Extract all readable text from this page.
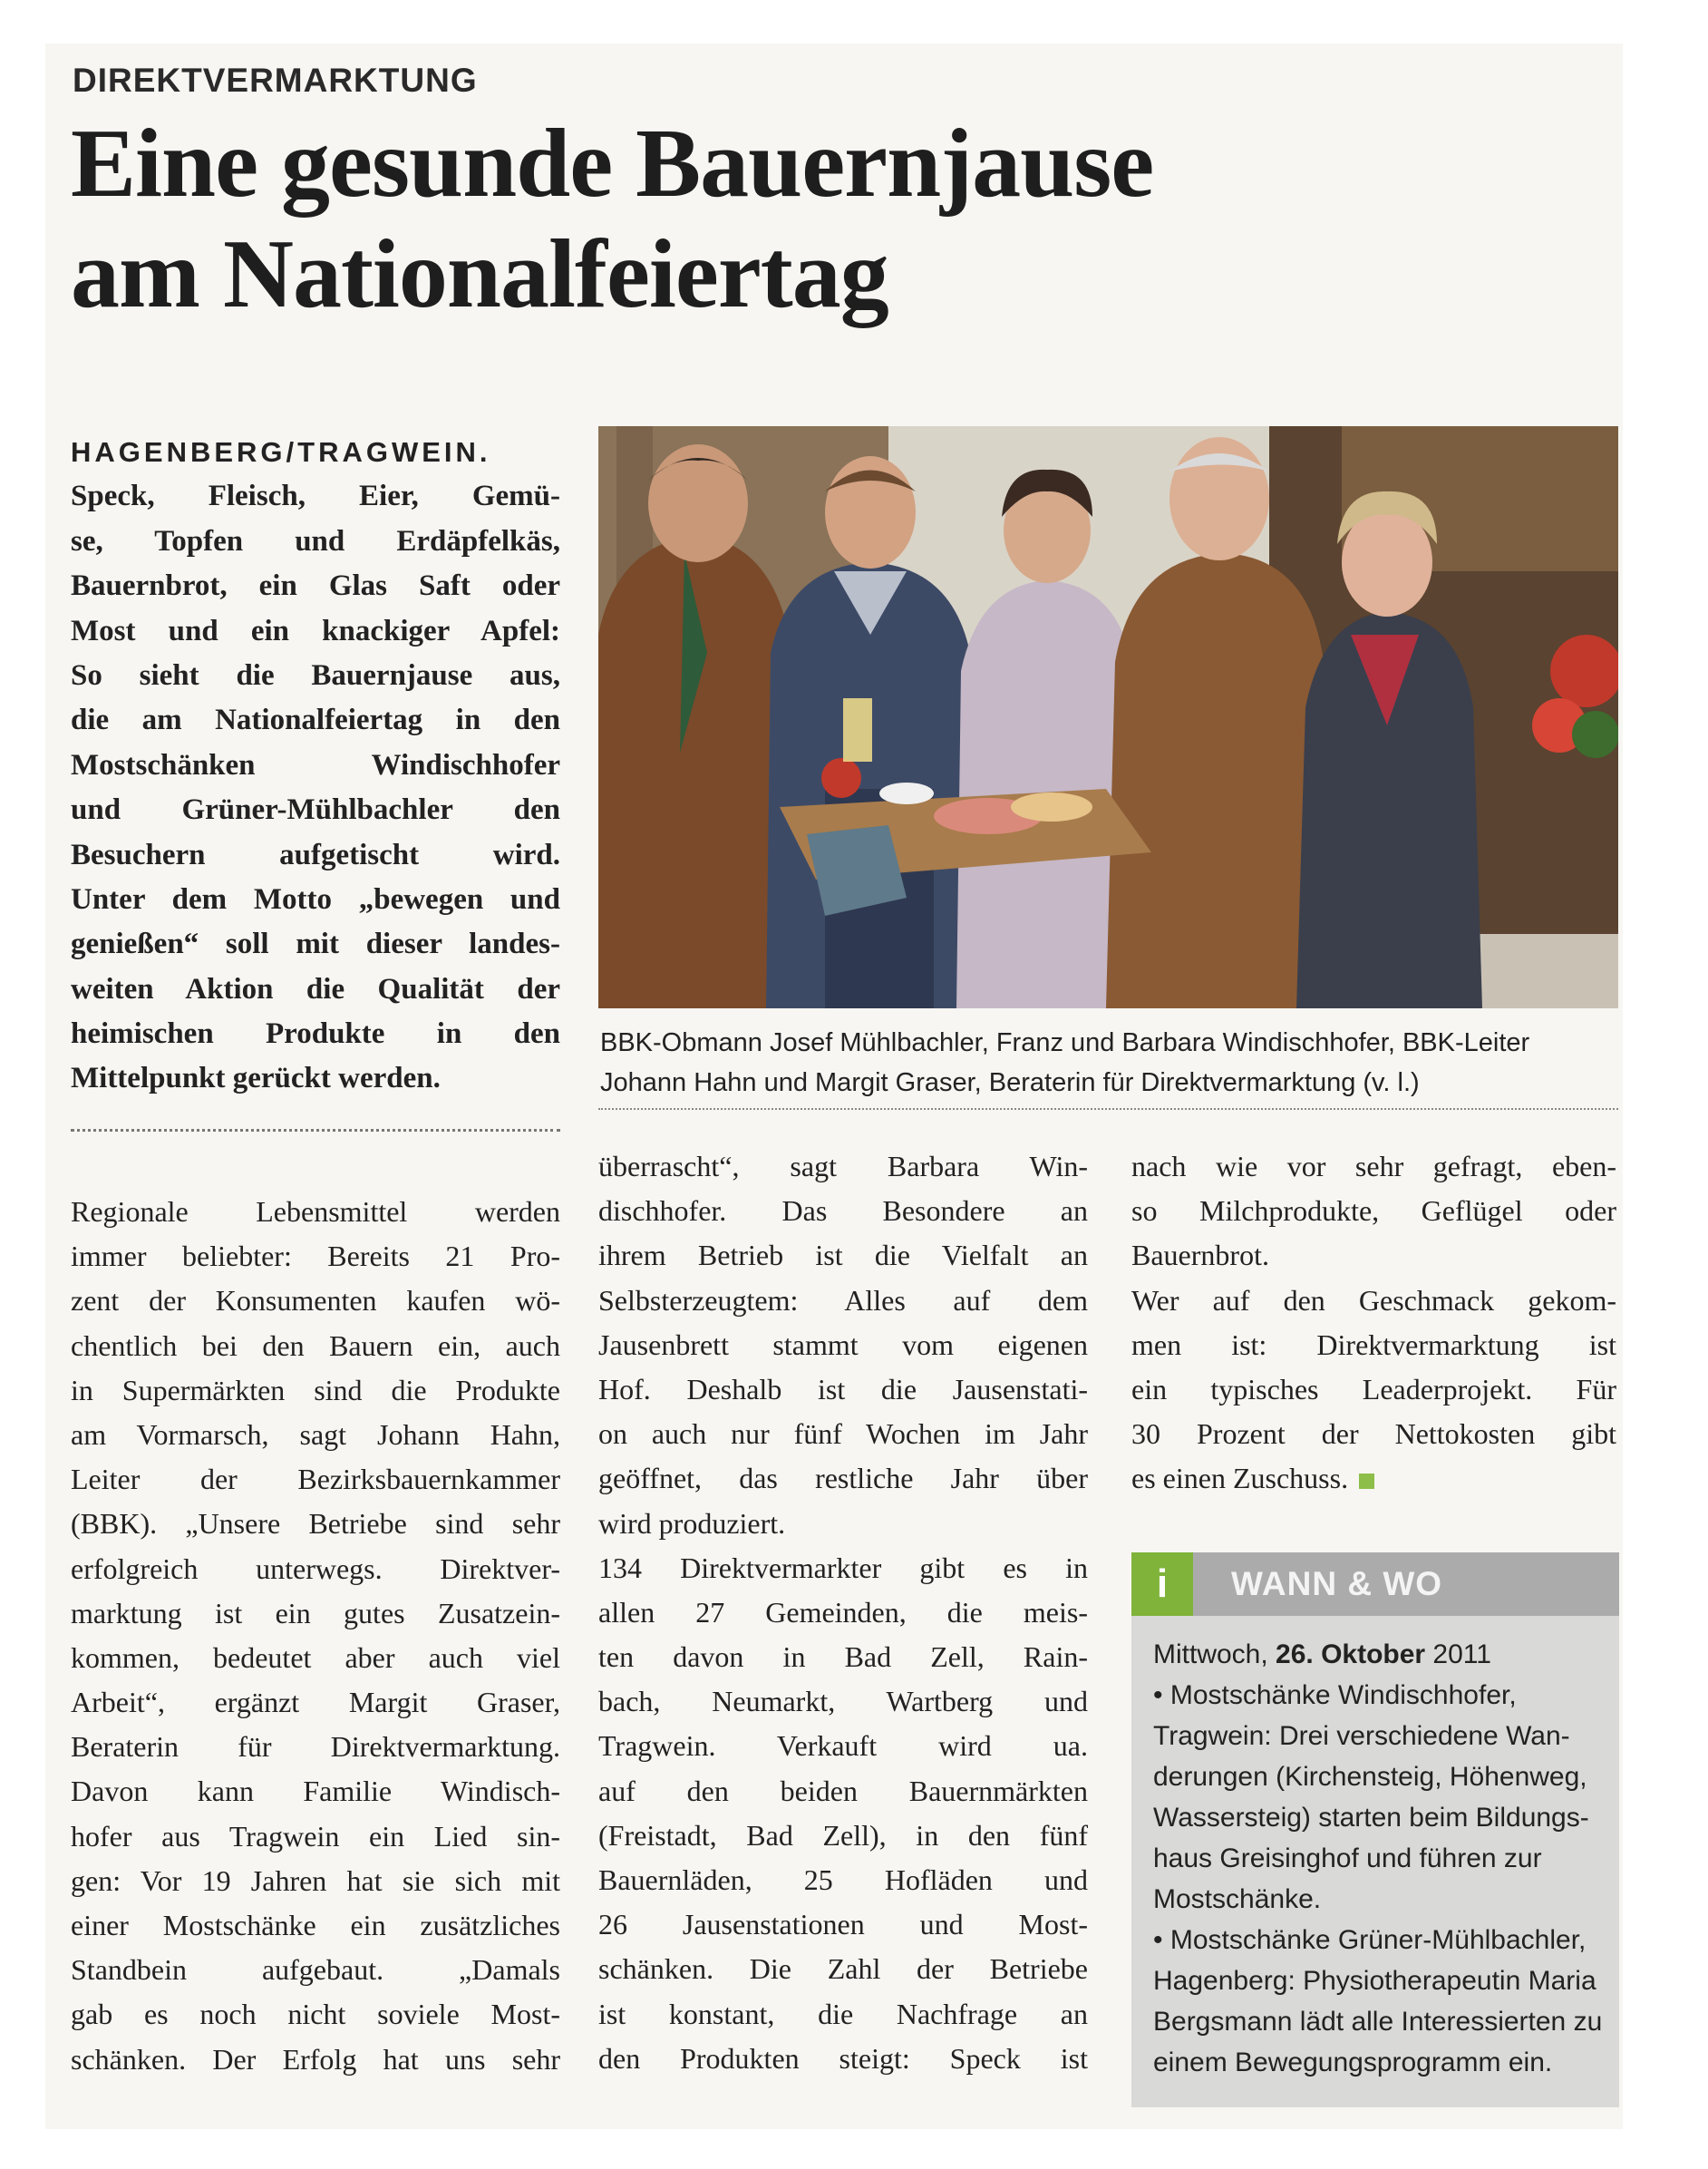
DIREKTVERMARKTUNG
Eine gesunde Bauernjause
am Nationalfeiertag
HAGENBERG/TRAGWEIN.
Speck, Fleisch, Eier, Gemü-
se, Topfen und Erdäpfelkäs,
Bauernbrot, ein Glas Saft oder
Most und ein knackiger Apfel:
So sieht die Bauernjause aus,
die am Nationalfeiertag in den
Mostschänken Windischhofer
und Grüner-Mühlbachler den
Besuchern aufgetischt wird.
Unter dem Motto „bewegen und
genießen“ soll mit dieser landes-
weiten Aktion die Qualität der
heimischen Produkte in den
Mittelpunkt gerückt werden.
BBK-Obmann Josef Mühlbachler, Franz und Barbara Windischhofer, BBK-Leiter
Johann Hahn und Margit Graser, Beraterin für Direktvermarktung (v. l.)
Regionale Lebensmittel werden
immer beliebter: Bereits 21 Pro-
zent der Konsumenten kaufen wö-
chentlich bei den Bauern ein, auch
in Supermärkten sind die Produkte
am Vormarsch, sagt Johann Hahn,
Leiter der Bezirksbauernkammer
(BBK). „Unsere Betriebe sind sehr
erfolgreich unterwegs. Direktver-
marktung ist ein gutes Zusatzein-
kommen, bedeutet aber auch viel
Arbeit“, ergänzt Margit Graser,
Beraterin für Direktvermarktung.
Davon kann Familie Windisch-
hofer aus Tragwein ein Lied sin-
gen: Vor 19 Jahren hat sie sich mit
einer Mostschänke ein zusätzliches
Standbein aufgebaut. „Damals
gab es noch nicht soviele Most-
schänken. Der Erfolg hat uns sehr
überrascht“, sagt Barbara Win-
dischhofer. Das Besondere an
ihrem Betrieb ist die Vielfalt an
Selbsterzeugtem: Alles auf dem
Jausenbrett stammt vom eigenen
Hof. Deshalb ist die Jausenstati-
on auch nur fünf Wochen im Jahr
geöffnet, das restliche Jahr über
wird produziert.
134 Direktvermarkter gibt es in
allen 27 Gemeinden, die meis-
ten davon in Bad Zell, Rain-
bach, Neumarkt, Wartberg und
Tragwein. Verkauft wird ua.
auf den beiden Bauernmärkten
(Freistadt, Bad Zell), in den fünf
Bauernläden, 25 Hofläden und
26 Jausenstationen und Most-
schänken. Die Zahl der Betriebe
ist konstant, die Nachfrage an
den Produkten steigt: Speck ist
nach wie vor sehr gefragt, eben-
so Milchprodukte, Geflügel oder
Bauernbrot.
Wer auf den Geschmack gekom-
men ist: Direktvermarktung ist
ein typisches Leaderprojekt. Für
30 Prozent der Nettokosten gibt
es einen Zuschuss.
i	WANN & WO
Mittwoch, 26. Oktober 2011
• Mostschänke Windischhofer,
Tragwein: Drei verschiedene Wan-
derungen (Kirchensteig, Höhenweg,
Wassersteig) starten beim Bildungs-
haus Greisinghof und führen zur
Mostschänke.
• Mostschänke Grüner-Mühlbachler,
Hagenberg: Physiotherapeutin Maria
Bergsmann lädt alle Interessierten zu
einem Bewegungsprogramm ein.
